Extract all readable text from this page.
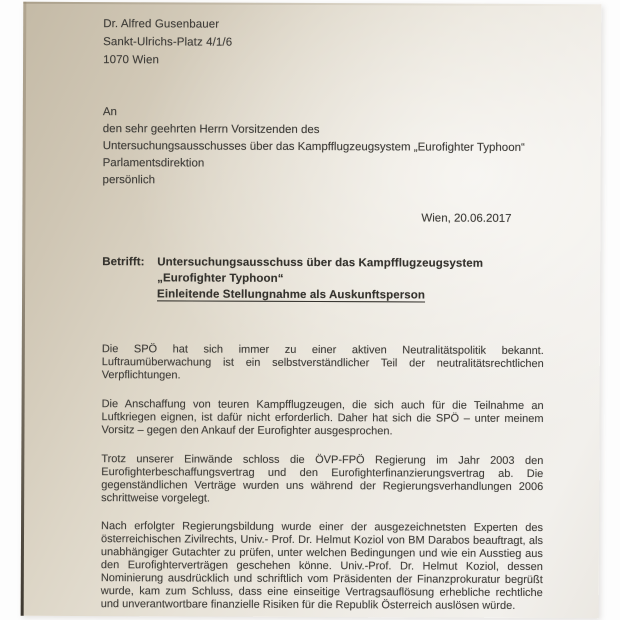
Dr. Alfred Gusenbauer
Sankt-Ulrichs-Platz 4/1/6
1070 Wien
An
den sehr geehrten Herrn Vorsitzenden des
Untersuchungsausschusses über das Kampfflugzeugsystem „Eurofighter Typhoon“
Parlamentsdirektion
persönlich
Wien, 20.06.2017
Betrifft:	Untersuchungsausschuss über das Kampfflugzeugsystem
„Eurofighter Typhoon“
Einleitende Stellungnahme als Auskunftsperson

Die SPÖ hat sich immer zu einer aktiven Neutralitätspolitik bekannt. Luftraumüberwachung ist ein selbstverständlicher Teil der neutralitätsrechtlichen Verpflichtungen.

Die Anschaffung von teuren Kampfflugzeugen, die sich auch für die Teilnahme an Luftkriegen eignen, ist dafür nicht erforderlich. Daher hat sich die SPÖ – unter meinem Vorsitz – gegen den Ankauf der Eurofighter ausgesprochen.

Trotz unserer Einwände schloss die ÖVP-FPÖ Regierung im Jahr 2003 den Eurofighterbeschaffungsvertrag und den Eurofighterfinanzierungsvertrag ab. Die gegenständlichen Verträge wurden uns während der Regierungsverhandlungen 2006 schrittweise vorgelegt.

Nach erfolgter Regierungsbildung wurde einer der ausgezeichnetsten Experten des österreichischen Zivilrechts, Univ.- Prof. Dr. Helmut Koziol von BM Darabos beauftragt, als unabhängiger Gutachter zu prüfen, unter welchen Bedingungen und wie ein Ausstieg aus den Eurofighterverträgen geschehen könne. Univ.-Prof. Dr. Helmut Koziol, dessen Nominierung ausdrücklich und schriftlich vom Präsidenten der Finanzprokuratur begrüßt wurde, kam zum Schluss, dass eine einseitige Vertragsauflösung erhebliche rechtliche und unverantwortbare finanzielle Risiken für die Republik Österreich auslösen würde.
